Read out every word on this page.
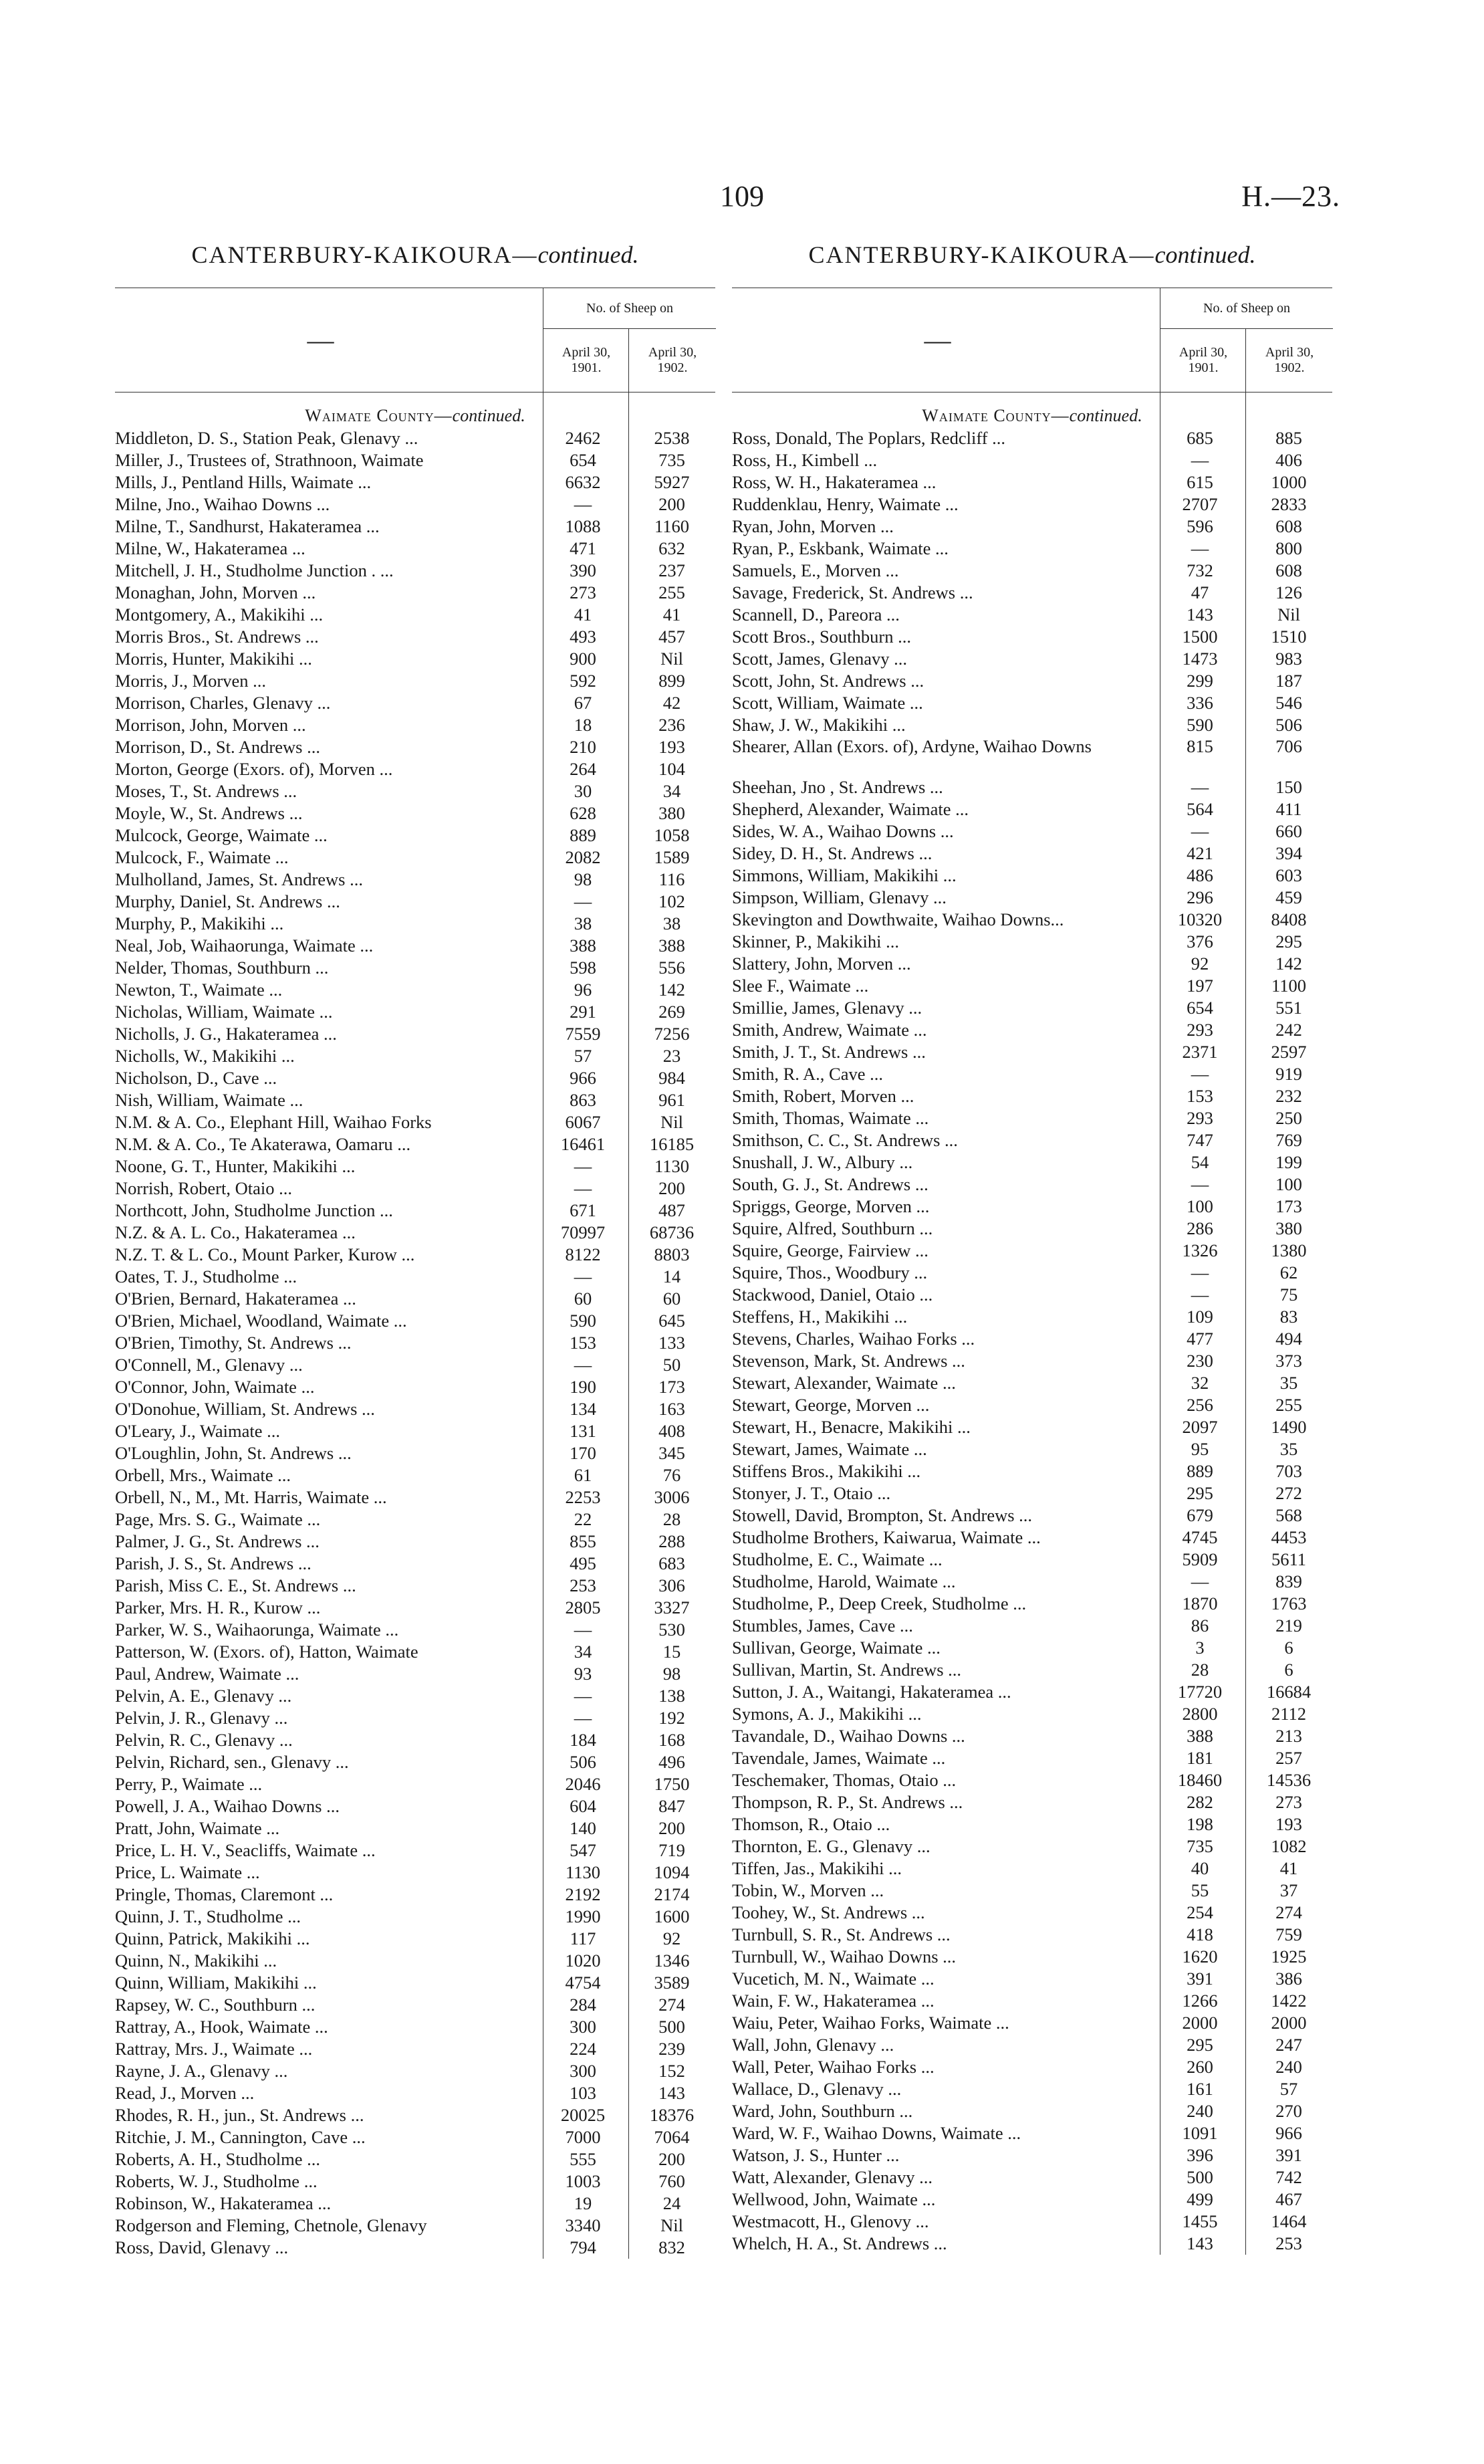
109	H.—23.
CANTERBURY-KAIKOURA—continued.
—
No. of Sheep on
April 30,
1901.
April 30,
1902.
Waimate County—continued.
Middleton, D. S., Station Peak, Glenavy ...	2462	2538
Miller, J., Trustees of, Strathnoon, Waimate	654	735
Mills, J., Pentland Hills, Waimate ...	6632	5927
Milne, Jno., Waihao Downs ...	—	200
Milne, T., Sandhurst, Hakateramea ...	1088	1160
Milne, W., Hakateramea ...	471	632
Mitchell, J. H., Studholme Junction . ...	390	237
Monaghan, John, Morven ...	273	255
Montgomery, A., Makikihi ...	41	41
Morris Bros., St. Andrews ...	493	457
Morris, Hunter, Makikihi ...	900	Nil
Morris, J., Morven ...	592	899
Morrison, Charles, Glenavy ...	67	42
Morrison, John, Morven ...	18	236
Morrison, D., St. Andrews ...	210	193
Morton, George (Exors. of), Morven ...	264	104
Moses, T., St. Andrews ...	30	34
Moyle, W., St. Andrews ...	628	380
Mulcock, George, Waimate ...	889	1058
Mulcock, F., Waimate ...	2082	1589
Mulholland, James, St. Andrews ...	98	116
Murphy, Daniel, St. Andrews ...	—	102
Murphy, P., Makikihi ...	38	38
Neal, Job, Waihaorunga, Waimate ...	388	388
Nelder, Thomas, Southburn ...	598	556
Newton, T., Waimate ...	96	142
Nicholas, William, Waimate ...	291	269
Nicholls, J. G., Hakateramea ...	7559	7256
Nicholls, W., Makikihi ...	57	23
Nicholson, D., Cave ...	966	984
Nish, William, Waimate ...	863	961
N.M. & A. Co., Elephant Hill, Waihao Forks	6067	Nil
N.M. & A. Co., Te Akaterawa, Oamaru ...	16461	16185
Noone, G. T., Hunter, Makikihi ...	—	1130
Norrish, Robert, Otaio ...	—	200
Northcott, John, Studholme Junction ...	671	487
N.Z. & A. L. Co., Hakateramea ...	70997	68736
N.Z. T. & L. Co., Mount Parker, Kurow ...	8122	8803
Oates, T. J., Studholme ...	—	14
O'Brien, Bernard, Hakateramea ...	60	60
O'Brien, Michael, Woodland, Waimate ...	590	645
O'Brien, Timothy, St. Andrews ...	153	133
O'Connell, M., Glenavy ...	—	50
O'Connor, John, Waimate ...	190	173
O'Donohue, William, St. Andrews ...	134	163
O'Leary, J., Waimate ...	131	408
O'Loughlin, John, St. Andrews ...	170	345
Orbell, Mrs., Waimate ...	61	76
Orbell, N., M., Mt. Harris, Waimate ...	2253	3006
Page, Mrs. S. G., Waimate ...	22	28
Palmer, J. G., St. Andrews ...	855	288
Parish, J. S., St. Andrews ...	495	683
Parish, Miss C. E., St. Andrews ...	253	306
Parker, Mrs. H. R., Kurow ...	2805	3327
Parker, W. S., Waihaorunga, Waimate ...	—	530
Patterson, W. (Exors. of), Hatton, Waimate	34	15
Paul, Andrew, Waimate ...	93	98
Pelvin, A. E., Glenavy ...	—	138
Pelvin, J. R., Glenavy ...	—	192
Pelvin, R. C., Glenavy ...	184	168
Pelvin, Richard, sen., Glenavy ...	506	496
Perry, P., Waimate ...	2046	1750
Powell, J. A., Waihao Downs ...	604	847
Pratt, John, Waimate ...	140	200
Price, L. H. V., Seacliffs, Waimate ...	547	719
Price, L. Waimate ...	1130	1094
Pringle, Thomas, Claremont ...	2192	2174
Quinn, J. T., Studholme ...	1990	1600
Quinn, Patrick, Makikihi ...	117	92
Quinn, N., Makikihi ...	1020	1346
Quinn, William, Makikihi ...	4754	3589
Rapsey, W. C., Southburn ...	284	274
Rattray, A., Hook, Waimate ...	300	500
Rattray, Mrs. J., Waimate ...	224	239
Rayne, J. A., Glenavy ...	300	152
Read, J., Morven ...	103	143
Rhodes, R. H., jun., St. Andrews ...	20025	18376
Ritchie, J. M., Cannington, Cave ...	7000	7064
Roberts, A. H., Studholme ...	555	200
Roberts, W. J., Studholme ...	1003	760
Robinson, W., Hakateramea ...	19	24
Rodgerson and Fleming, Chetnole, Glenavy	3340	Nil
Ross, David, Glenavy ...	794	832
CANTERBURY-KAIKOURA—continued.
—
No. of Sheep on
April 30,
1901.
April 30,
1902.
Waimate County—continued.
Ross, Donald, The Poplars, Redcliff ...	685	885
Ross, H., Kimbell ...	—	406
Ross, W. H., Hakateramea ...	615	1000
Ruddenklau, Henry, Waimate ...	2707	2833
Ryan, John, Morven ...	596	608
Ryan, P., Eskbank, Waimate ...	—	800
Samuels, E., Morven ...	732	608
Savage, Frederick, St. Andrews ...	47	126
Scannell, D., Pareora ...	143	Nil
Scott Bros., Southburn ...	1500	1510
Scott, James, Glenavy ...	1473	983
Scott, John, St. Andrews ...	299	187
Scott, William, Waimate ...	336	546
Shaw, J. W., Makikihi ...	590	506
Shearer, Allan (Exors. of), Ardyne, Waihao Downs	815	706
Sheehan, Jno , St. Andrews ...	—	150
Shepherd, Alexander, Waimate ...	564	411
Sides, W. A., Waihao Downs ...	—	660
Sidey, D. H., St. Andrews ...	421	394
Simmons, William, Makikihi ...	486	603
Simpson, William, Glenavy ...	296	459
Skevington and Dowthwaite, Waihao Downs...	10320	8408
Skinner, P., Makikihi ...	376	295
Slattery, John, Morven ...	92	142
Slee F., Waimate ...	197	1100
Smillie, James, Glenavy ...	654	551
Smith, Andrew, Waimate ...	293	242
Smith, J. T., St. Andrews ...	2371	2597
Smith, R. A., Cave ...	—	919
Smith, Robert, Morven ...	153	232
Smith, Thomas, Waimate ...	293	250
Smithson, C. C., St. Andrews ...	747	769
Snushall, J. W., Albury ...	54	199
South, G. J., St. Andrews ...	—	100
Spriggs, George, Morven ...	100	173
Squire, Alfred, Southburn ...	286	380
Squire, George, Fairview ...	1326	1380
Squire, Thos., Woodbury ...	—	62
Stackwood, Daniel, Otaio ...	—	75
Steffens, H., Makikihi ...	109	83
Stevens, Charles, Waihao Forks ...	477	494
Stevenson, Mark, St. Andrews ...	230	373
Stewart, Alexander, Waimate ...	32	35
Stewart, George, Morven ...	256	255
Stewart, H., Benacre, Makikihi ...	2097	1490
Stewart, James, Waimate ...	95	35
Stiffens Bros., Makikihi ...	889	703
Stonyer, J. T., Otaio ...	295	272
Stowell, David, Brompton, St. Andrews ...	679	568
Studholme Brothers, Kaiwarua, Waimate ...	4745	4453
Studholme, E. C., Waimate ...	5909	5611
Studholme, Harold, Waimate ...	—	839
Studholme, P., Deep Creek, Studholme ...	1870	1763
Stumbles, James, Cave ...	86	219
Sullivan, George, Waimate ...	3	6
Sullivan, Martin, St. Andrews ...	28	6
Sutton, J. A., Waitangi, Hakateramea ...	17720	16684
Symons, A. J., Makikihi ...	2800	2112
Tavandale, D., Waihao Downs ...	388	213
Tavendale, James, Waimate ...	181	257
Teschemaker, Thomas, Otaio ...	18460	14536
Thompson, R. P., St. Andrews ...	282	273
Thomson, R., Otaio ...	198	193
Thornton, E. G., Glenavy ...	735	1082
Tiffen, Jas., Makikihi ...	40	41
Tobin, W., Morven ...	55	37
Toohey, W., St. Andrews ...	254	274
Turnbull, S. R., St. Andrews ...	418	759
Turnbull, W., Waihao Downs ...	1620	1925
Vucetich, M. N., Waimate ...	391	386
Wain, F. W., Hakateramea ...	1266	1422
Waiu, Peter, Waihao Forks, Waimate ...	2000	2000
Wall, John, Glenavy ...	295	247
Wall, Peter, Waihao Forks ...	260	240
Wallace, D., Glenavy ...	161	57
Ward, John, Southburn ...	240	270
Ward, W. F., Waihao Downs, Waimate ...	1091	966
Watson, J. S., Hunter ...	396	391
Watt, Alexander, Glenavy ...	500	742
Wellwood, John, Waimate ...	499	467
Westmacott, H., Glenovy ...	1455	1464
Whelch, H. A., St. Andrews ...	143	253
